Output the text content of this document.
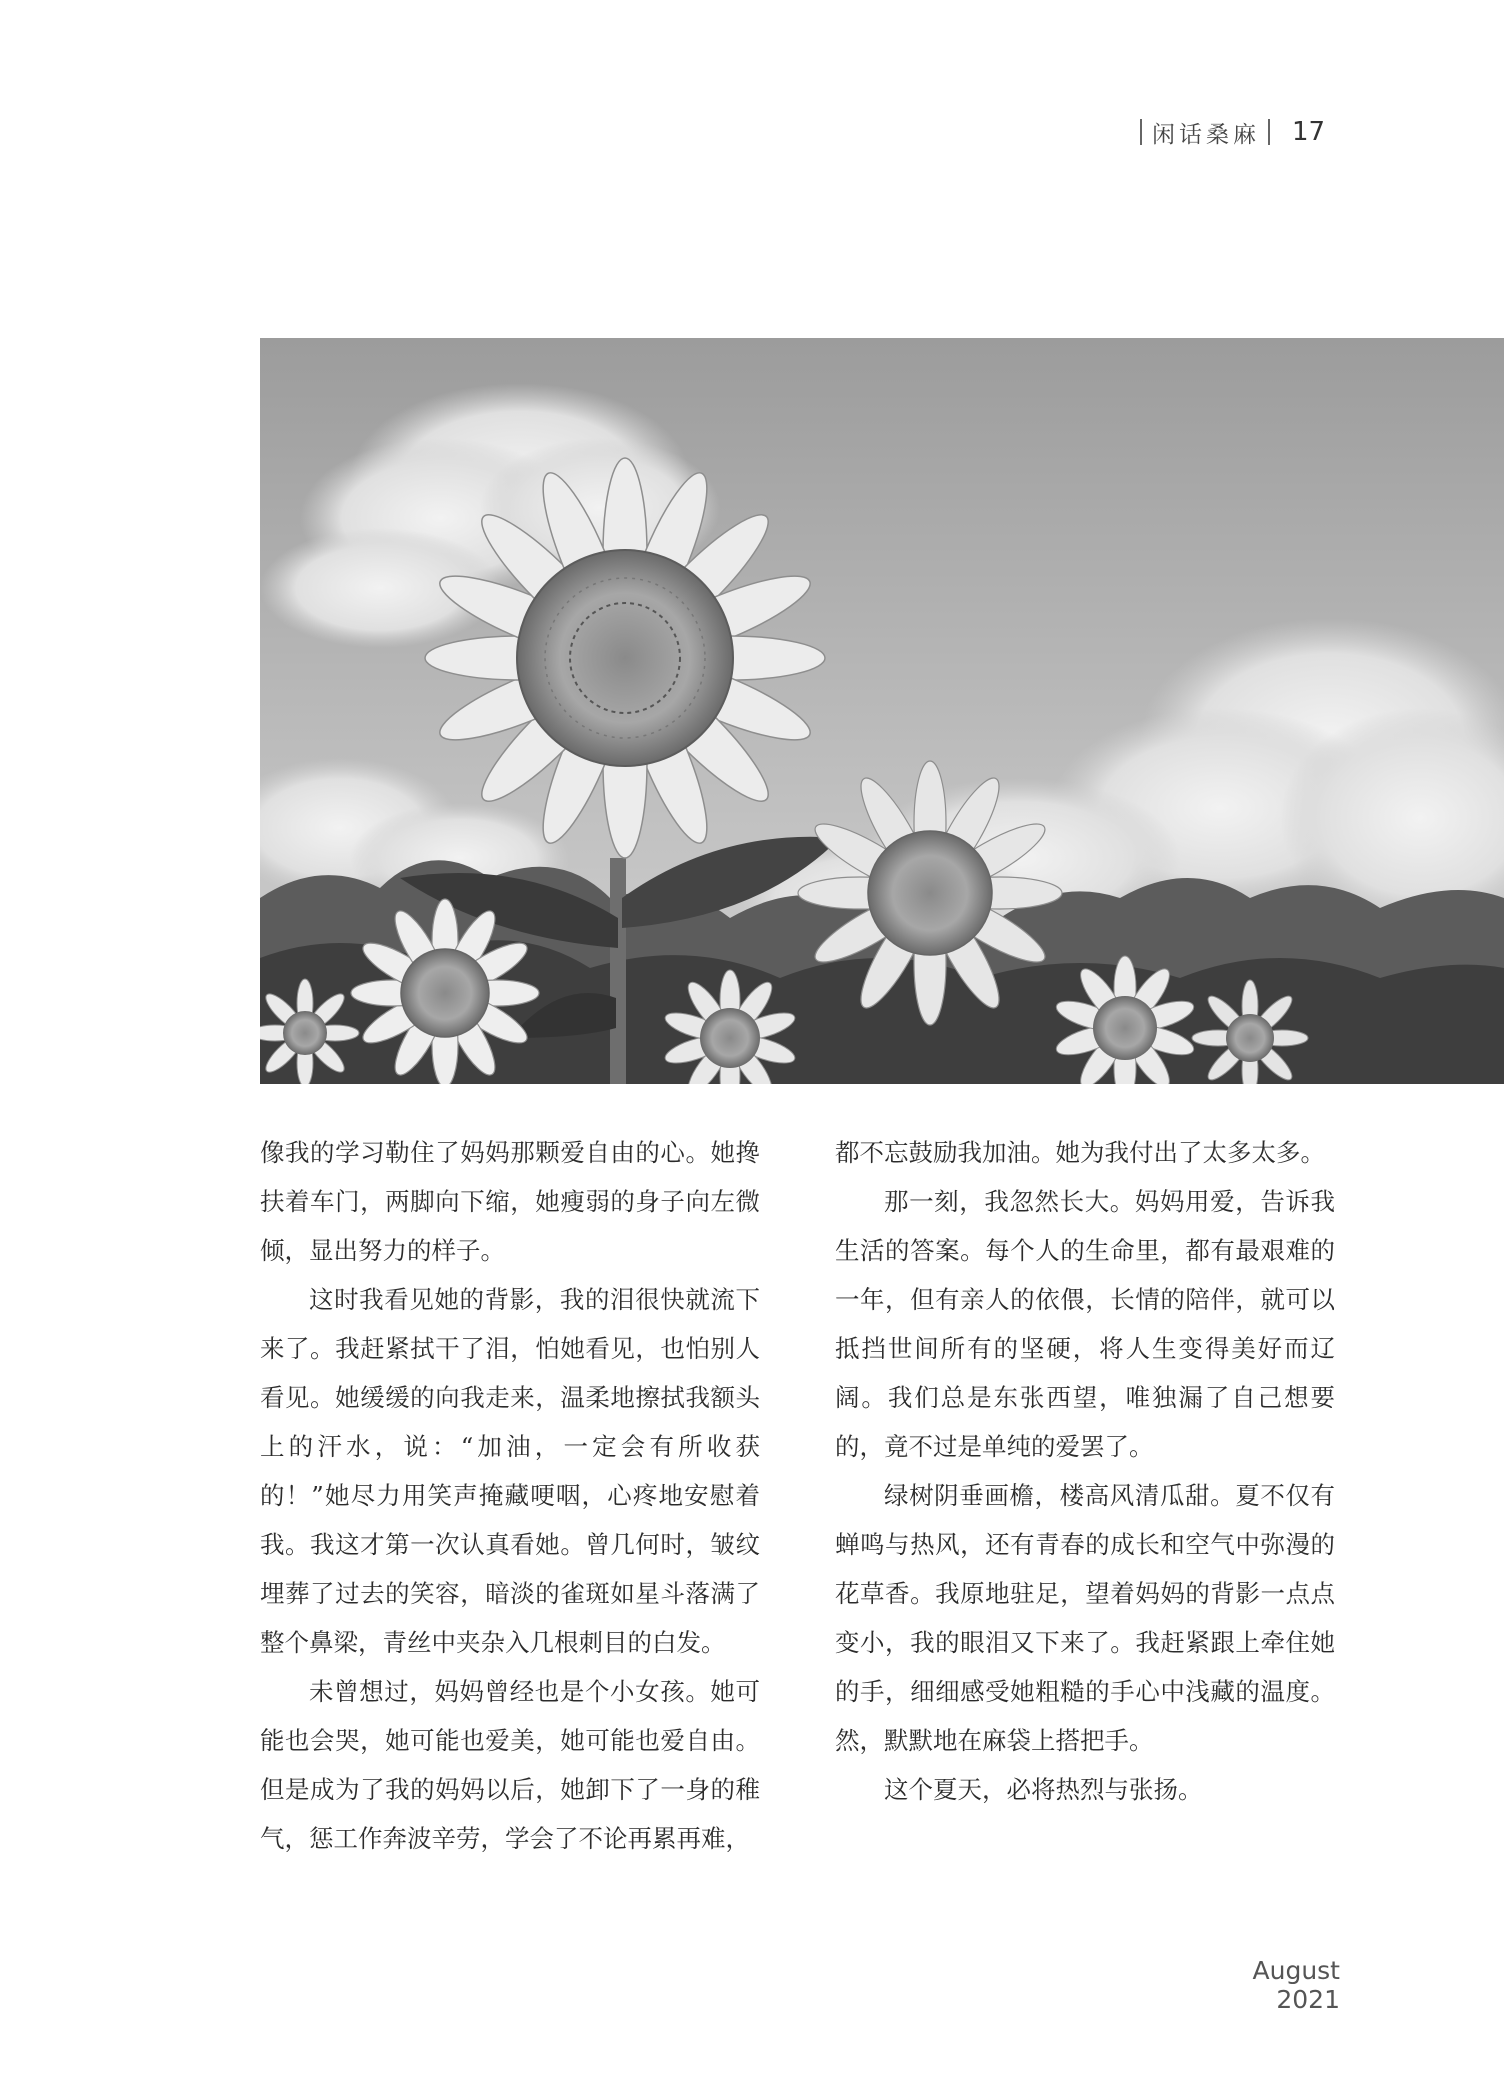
闲话桑麻 17

像我的学习勒住了妈妈那颗爱自由的心。她搀扶着车门，两脚向下缩，她瘦弱的身子向左微倾，显出努力的样子。

这时我看见她的背影，我的泪很快就流下来了。我赶紧拭干了泪，怕她看见，也怕别人看见。她缓缓的向我走来，温柔地擦拭我额头上的汗水，说：“加油，一定会有所收获的！”她尽力用笑声掩藏哽咽，心疼地安慰着我。我这才第一次认真看她。曾几何时，皱纹埋葬了过去的笑容，暗淡的雀斑如星斗落满了整个鼻梁，青丝中夹杂入几根刺目的白发。

未曾想过，妈妈曾经也是个小女孩。她可能也会哭，她可能也爱美，她可能也爱自由。但是成为了我的妈妈以后，她卸下了一身的稚气，惩工作奔波辛劳，学会了不论再累再难，

都不忘鼓励我加油。她为我付出了太多太多。

那一刻，我忽然长大。妈妈用爱，告诉我生活的答案。每个人的生命里，都有最艰难的一年，但有亲人的依偎，长情的陪伴，就可以抵挡世间所有的坚硬，将人生变得美好而辽阔。我们总是东张西望，唯独漏了自己想要的，竟不过是单纯的爱罢了。

绿树阴垂画檐，楼高风清瓜甜。夏不仅有蝉鸣与热风，还有青春的成长和空气中弥漫的花草香。我原地驻足，望着妈妈的背影一点点变小，我的眼泪又下来了。我赶紧跟上牵住她的手，细细感受她粗糙的手心中浅藏的温度。然，默默地在麻袋上搭把手。

这个夏天，必将热烈与张扬。

August 2021
